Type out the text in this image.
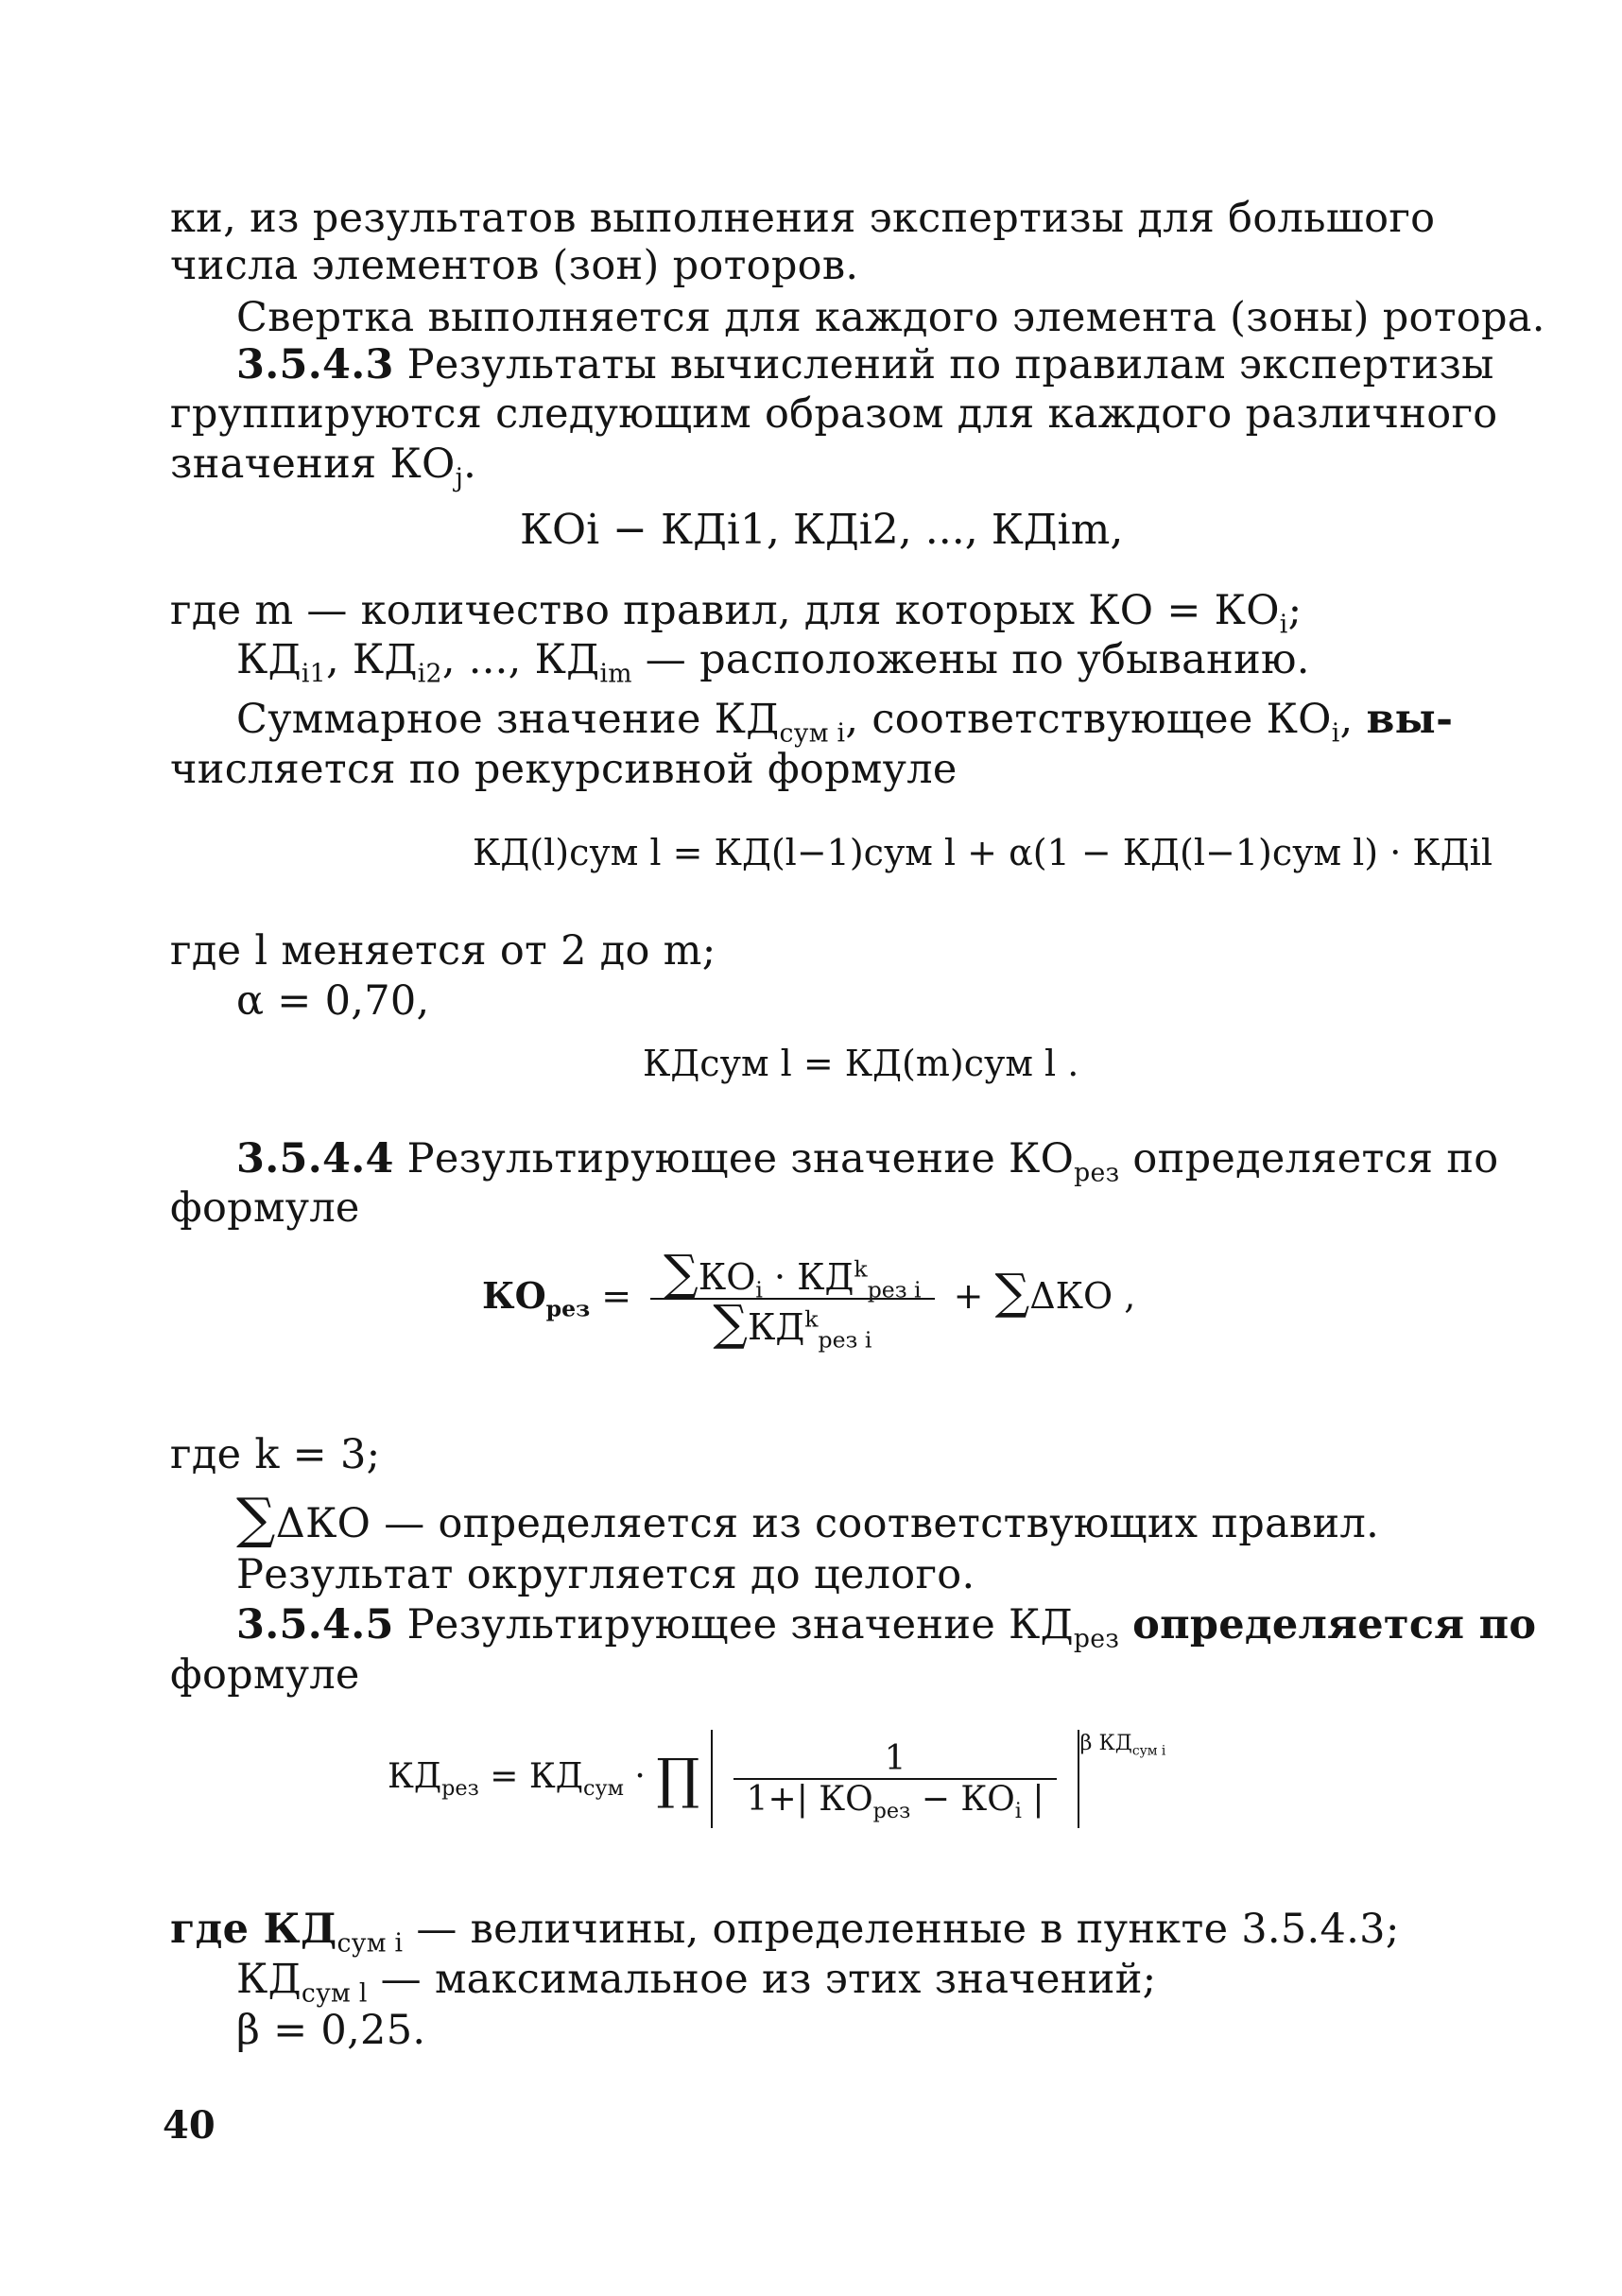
ки, из результатов выполнения экспертизы для большого
числа элементов (зон) роторов.
Свертка выполняется для каждого элемента (зоны) ротора.
3.5.4.3 Результаты вычислений по правилам экспертизы
группируются следующим образом для каждого различного
значения $КО_j$.
КОi − КДi1, КДi2, ..., КДim,
где m — количество правил, для которых КО = $КО_i$;
$КД_{i1}$, $КД_{i2}$, ..., $КД_{im}$ — расположены по убыванию.
Суммарное значение $КД_{сум i}$, соответствующее $КО_i$, вы-
числяется по рекурсивной формуле
КД(l)сум l = КД(l−1)сум l + α(1 − КД(l−1)сум l) · КДil
где l меняется от 2 до m;
α = 0,70,
КДсум l = КД(m)сум l .
3.5.4.4 Результирующее значение $КО_{рез}$ определяется по
формуле
$КО_{рез} = \frac{\sum КО_i \cdot КД^k_{рез i}}{\sum КД^k_{рез i}} + \sum\Delta КО$ ,
где k = 3;
∑ΔКО — определяется из соответствующих правил.
Результат округляется до целого.
3.5.4.5 Результирующее значение $КД_{рез}$ определяется по
формуле
$КД_{рез} = КД_{сум}$ · ∏ $\frac{1}{1+| КО_{рез} - КО_i |} ^{\beta КД_{сум i}}$
где $КД_{сум i}$ — величины, определенные в пункте 3.5.4.3;
$КД_{сум l}$ — максимальное из этих значений;
β = 0,25.
40
